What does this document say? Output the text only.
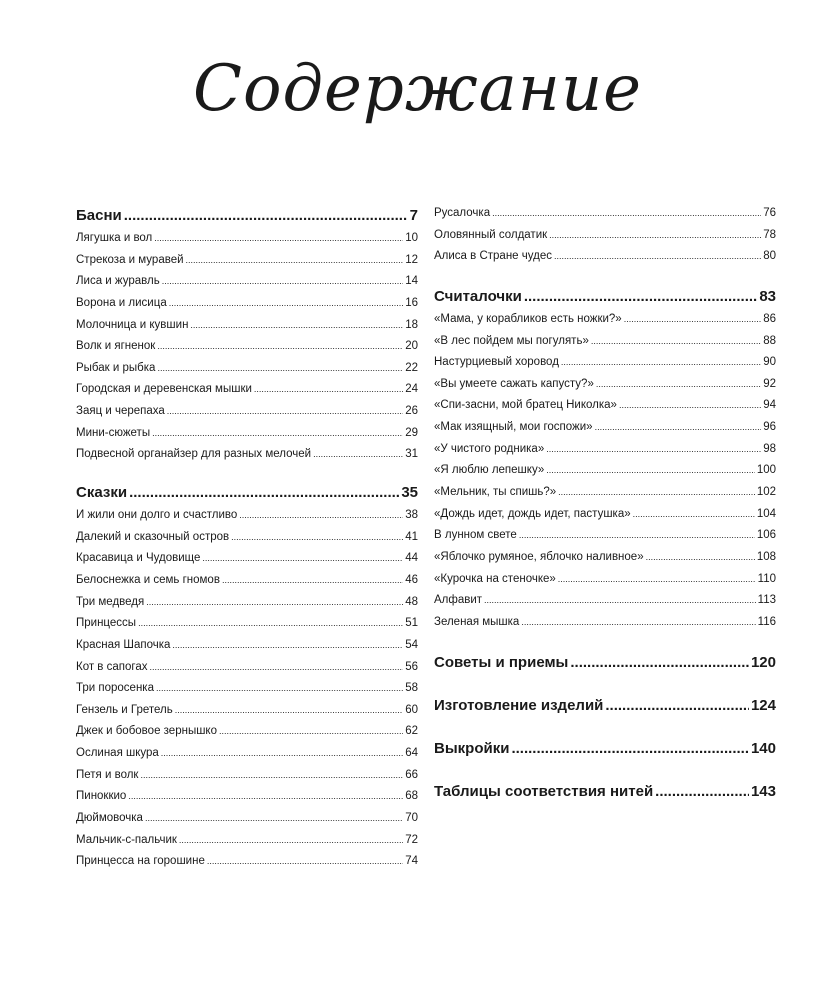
Содержание
Басни .....	7
Лягушка и вол .....	10
Стрекоза и муравей .....	12
Лиса и журавль .....	14
Ворона и лисица .....	16
Молочница и кувшин .....	18
Волк и ягненок .....	20
Рыбак и рыбка .....	22
Городская и деревенская мышки .....	24
Заяц и черепаха .....	26
Мини-сюжеты .....	29
Подвесной органайзер для разных мелочей .....	31
Сказки .....	35
И жили они долго и счастливо .....	38
Далекий и сказочный остров .....	41
Красавица и Чудовище .....	44
Белоснежка и семь гномов .....	46
Три медведя .....	48
Принцессы .....	51
Красная Шапочка .....	54
Кот в сапогах .....	56
Три поросенка .....	58
Гензель и Гретель .....	60
Джек и бобовое зернышко .....	62
Ослиная шкура .....	64
Петя и волк .....	66
Пиноккио .....	68
Дюймовочка .....	70
Мальчик-с-пальчик .....	72
Принцесса на горошине .....	74
Русалочка .....	76
Оловянный солдатик .....	78
Алиса в Стране чудес .....	80
Считалочки .....	83
«Мама, у корабликов есть ножки?» .....	86
«В лес пойдем мы погулять» .....	88
Настурциевый хоровод .....	90
«Вы умеете сажать капусту?» .....	92
«Спи-засни, мой братец Николка» .....	94
«Мак изящный, мои госпожи» .....	96
«У чистого родника» .....	98
«Я люблю лепешку» .....	100
«Мельник, ты спишь?» .....	102
«Дождь идет, дождь идет, пастушка» .....	104
В лунном свете .....	106
«Яблочко румяное, яблочко наливное» .....	108
«Курочка на стеночке» .....	110
Алфавит .....	113
Зеленая мышка .....	116
Советы и приемы .....	120
Изготовление изделий .....	124
Выкройки .....	140
Таблицы соответствия нитей .....	143
